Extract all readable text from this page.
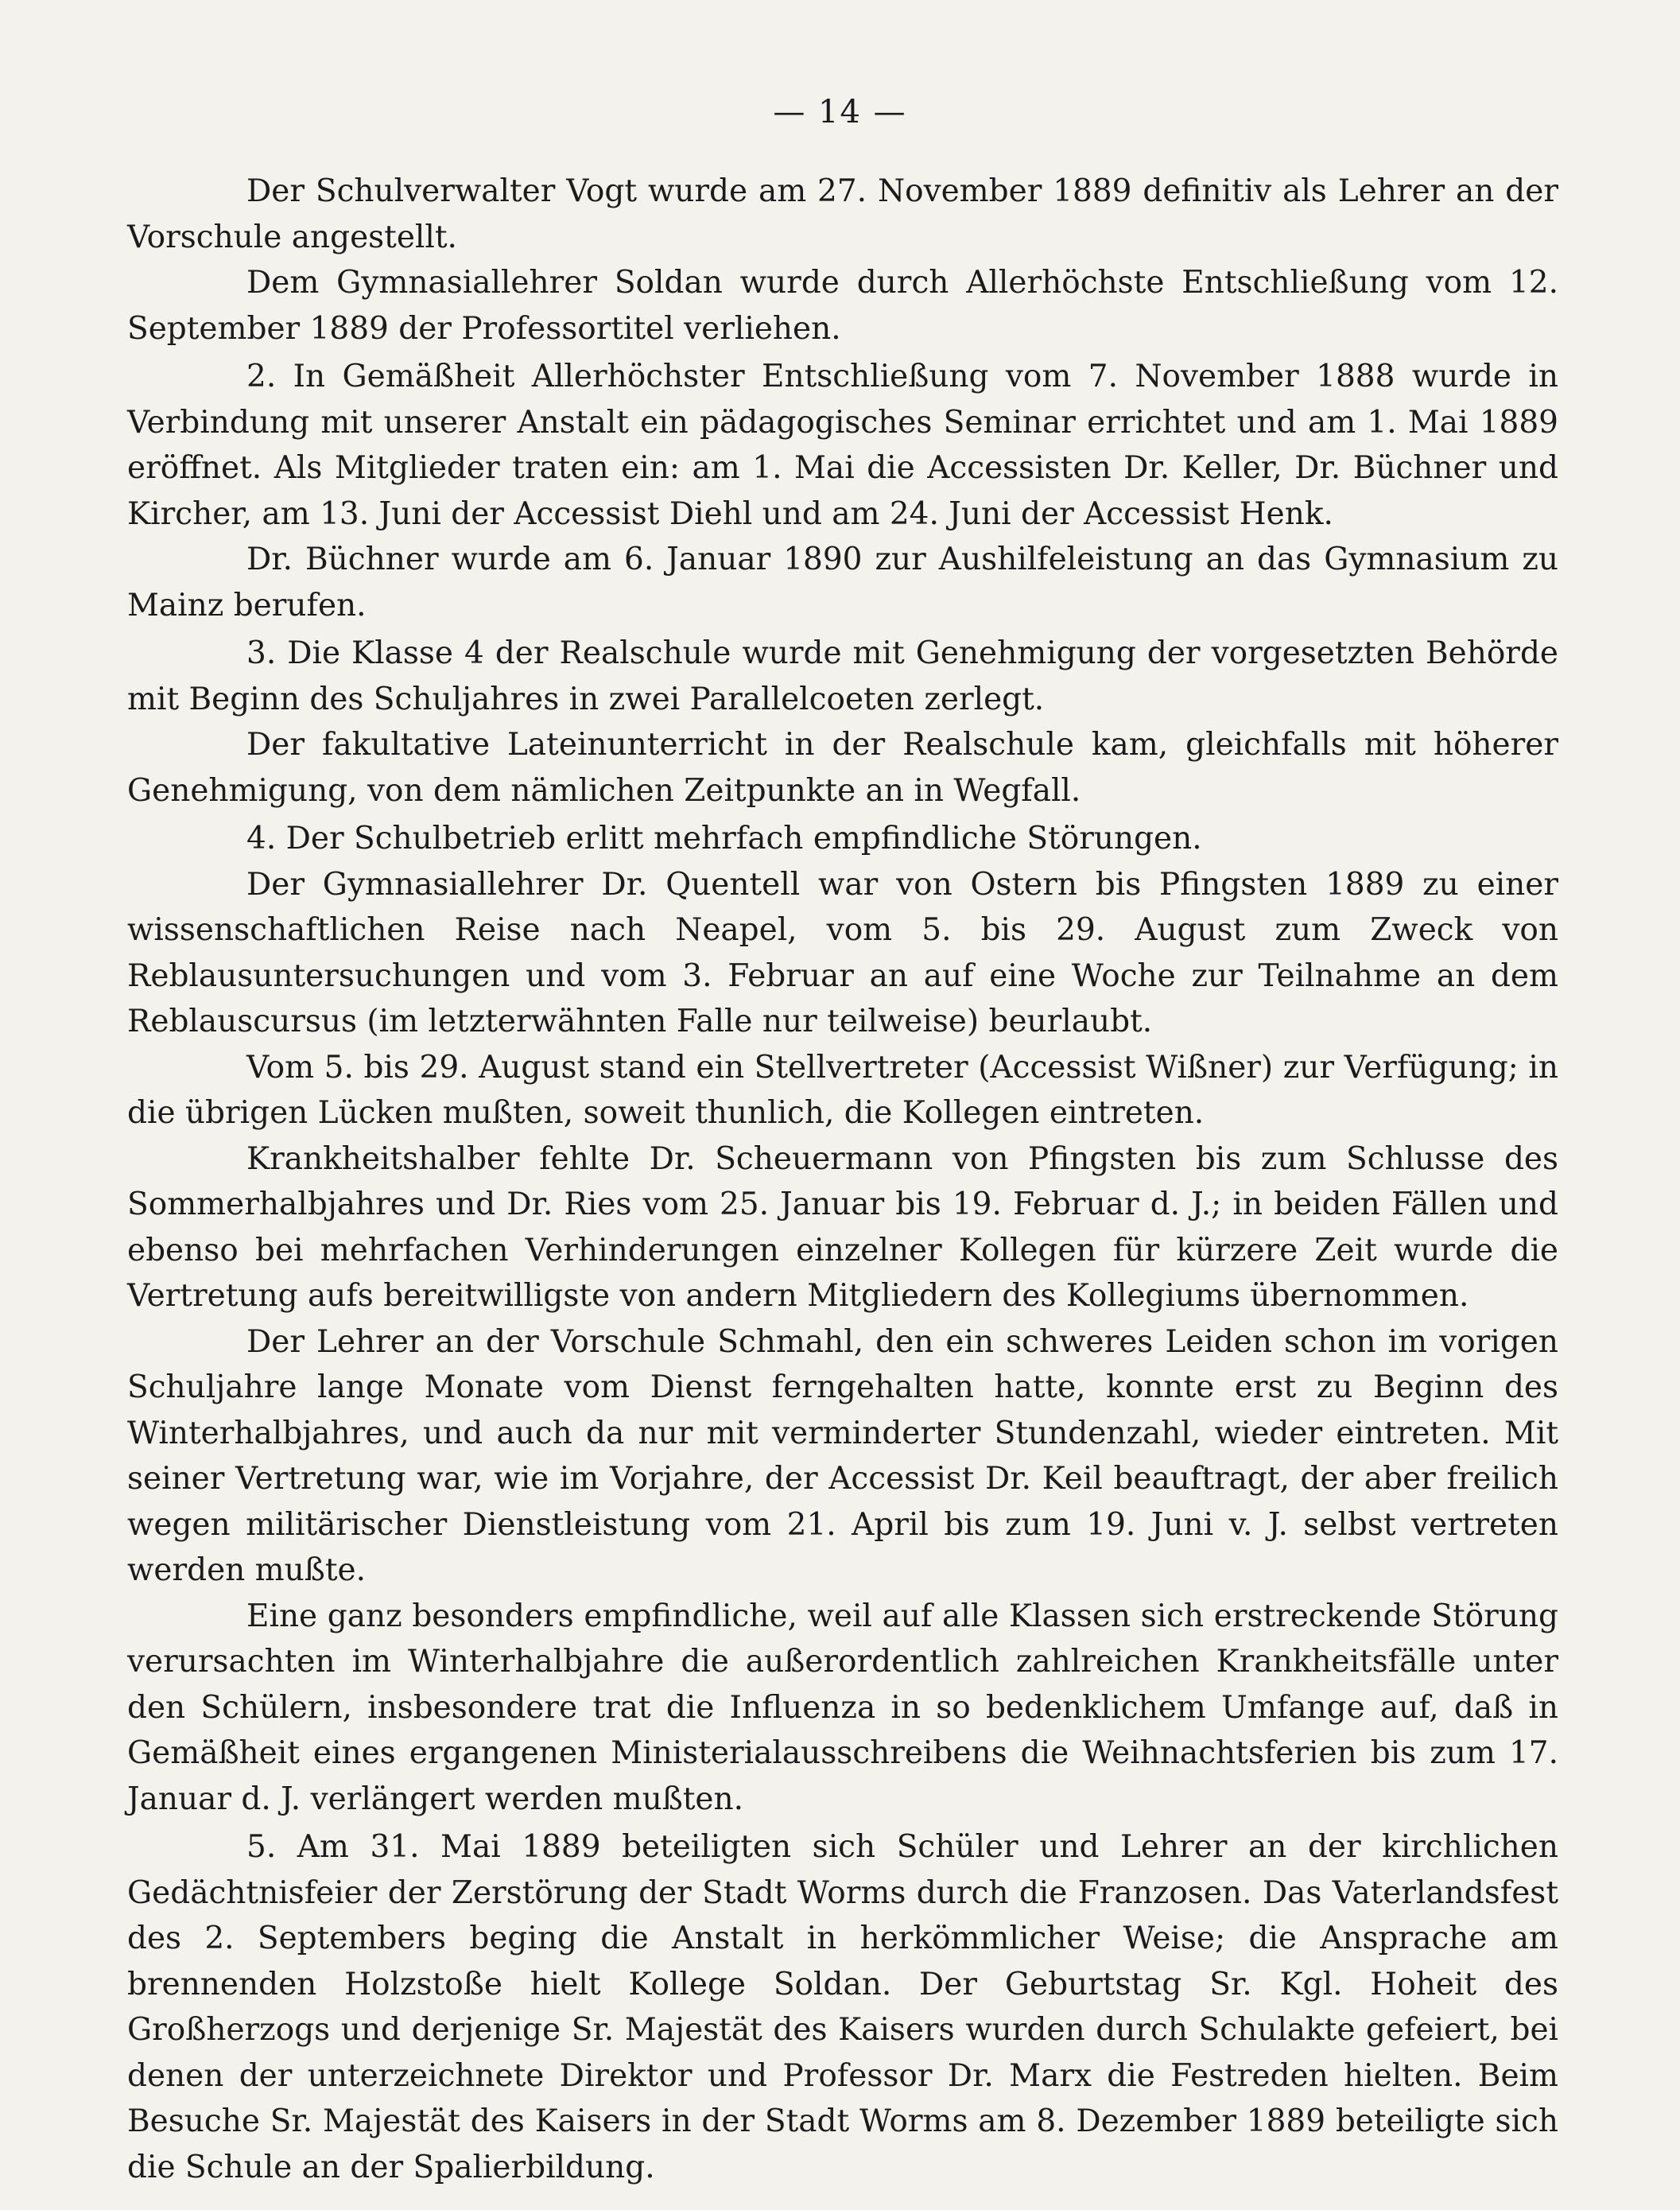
— 14 —

Der Schulverwalter Vogt wurde am 27. November 1889 definitiv als Lehrer an der Vorschule angestellt.

Dem Gymnasiallehrer Soldan wurde durch Allerhöchste Entschließung vom 12. September 1889 der Professortitel verliehen.

2. In Gemäßheit Allerhöchster Entschließung vom 7. November 1888 wurde in Verbindung mit unserer Anstalt ein pädagogisches Seminar errichtet und am 1. Mai 1889 eröffnet. Als Mitglieder traten ein: am 1. Mai die Accessisten Dr. Keller, Dr. Büchner und Kircher, am 13. Juni der Accessist Diehl und am 24. Juni der Accessist Henk.

Dr. Büchner wurde am 6. Januar 1890 zur Aushilfeleistung an das Gymnasium zu Mainz berufen.

3. Die Klasse 4 der Realschule wurde mit Genehmigung der vorgesetzten Behörde mit Beginn des Schuljahres in zwei Parallelcoeten zerlegt.

Der fakultative Lateinunterricht in der Realschule kam, gleichfalls mit höherer Genehmigung, von dem nämlichen Zeitpunkte an in Wegfall.

4. Der Schulbetrieb erlitt mehrfach empfindliche Störungen.

Der Gymnasiallehrer Dr. Quentell war von Ostern bis Pfingsten 1889 zu einer wissenschaftlichen Reise nach Neapel, vom 5. bis 29. August zum Zweck von Reblausuntersuchungen und vom 3. Februar an auf eine Woche zur Teilnahme an dem Reblauscursus (im letzterwähnten Falle nur teilweise) beurlaubt.

Vom 5. bis 29. August stand ein Stellvertreter (Accessist Wißner) zur Verfügung; in die übrigen Lücken mußten, soweit thunlich, die Kollegen eintreten.

Krankheitshalber fehlte Dr. Scheuermann von Pfingsten bis zum Schlusse des Sommerhalbjahres und Dr. Ries vom 25. Januar bis 19. Februar d. J.; in beiden Fällen und ebenso bei mehrfachen Verhinderungen einzelner Kollegen für kürzere Zeit wurde die Vertretung aufs bereitwilligste von andern Mitgliedern des Kollegiums übernommen.

Der Lehrer an der Vorschule Schmahl, den ein schweres Leiden schon im vorigen Schuljahre lange Monate vom Dienst ferngehalten hatte, konnte erst zu Beginn des Winterhalbjahres, und auch da nur mit verminderter Stundenzahl, wieder eintreten. Mit seiner Vertretung war, wie im Vorjahre, der Accessist Dr. Keil beauftragt, der aber freilich wegen militärischer Dienstleistung vom 21. April bis zum 19. Juni v. J. selbst vertreten werden mußte.

Eine ganz besonders empfindliche, weil auf alle Klassen sich erstreckende Störung verursachten im Winterhalbjahre die außerordentlich zahlreichen Krankheitsfälle unter den Schülern, insbesondere trat die Influenza in so bedenklichem Umfange auf, daß in Gemäßheit eines ergangenen Ministerialausschreibens die Weihnachtsferien bis zum 17. Januar d. J. verlängert werden mußten.

5. Am 31. Mai 1889 beteiligten sich Schüler und Lehrer an der kirchlichen Gedächtnisfeier der Zerstörung der Stadt Worms durch die Franzosen. Das Vaterlandsfest des 2. Septembers beging die Anstalt in herkömmlicher Weise; die Ansprache am brennenden Holzstoße hielt Kollege Soldan. Der Geburtstag Sr. Kgl. Hoheit des Großherzogs und derjenige Sr. Majestät des Kaisers wurden durch Schulakte gefeiert, bei denen der unterzeichnete Direktor und Professor Dr. Marx die Festreden hielten. Beim Besuche Sr. Majestät des Kaisers in der Stadt Worms am 8. Dezember 1889 beteiligte sich die Schule an der Spalierbildung.
